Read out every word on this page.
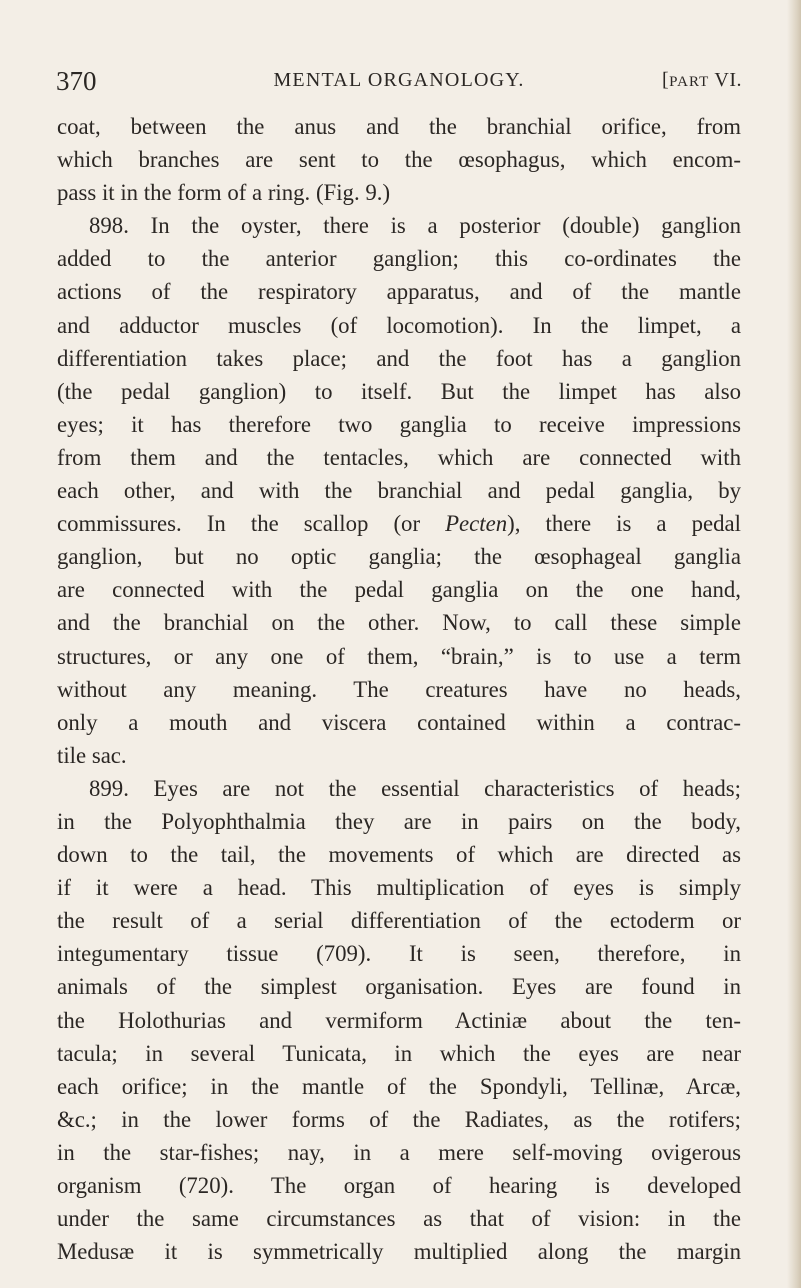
370	MENTAL ORGANOLOGY.	[PART VI.
coat, between the anus and the branchial orifice, from
which branches are sent to the œsophagus, which encom-
pass it in the form of a ring. (Fig. 9.)
898. In the oyster, there is a posterior (double) ganglion
added to the anterior ganglion; this co-ordinates the
actions of the respiratory apparatus, and of the mantle
and adductor muscles (of locomotion). In the limpet, a
differentiation takes place; and the foot has a ganglion
(the pedal ganglion) to itself. But the limpet has also
eyes; it has therefore two ganglia to receive impressions
from them and the tentacles, which are connected with
each other, and with the branchial and pedal ganglia, by
commissures. In the scallop (or Pecten), there is a pedal
ganglion, but no optic ganglia; the œsophageal ganglia
are connected with the pedal ganglia on the one hand,
and the branchial on the other. Now, to call these simple
structures, or any one of them, “brain,” is to use a term
without any meaning. The creatures have no heads,
only a mouth and viscera contained within a contrac-
tile sac.
899. Eyes are not the essential characteristics of heads;
in the Polyophthalmia they are in pairs on the body,
down to the tail, the movements of which are directed as
if it were a head. This multiplication of eyes is simply
the result of a serial differentiation of the ectoderm or
integumentary tissue (709). It is seen, therefore, in
animals of the simplest organisation. Eyes are found in
the Holothurias and vermiform Actiniæ about the ten-
tacula; in several Tunicata, in which the eyes are near
each orifice; in the mantle of the Spondyli, Tellinæ, Arcæ,
&c.; in the lower forms of the Radiates, as the rotifers;
in the star-fishes; nay, in a mere self-moving ovigerous
organism (720). The organ of hearing is developed
under the same circumstances as that of vision: in the
Medusæ it is symmetrically multiplied along the margin
